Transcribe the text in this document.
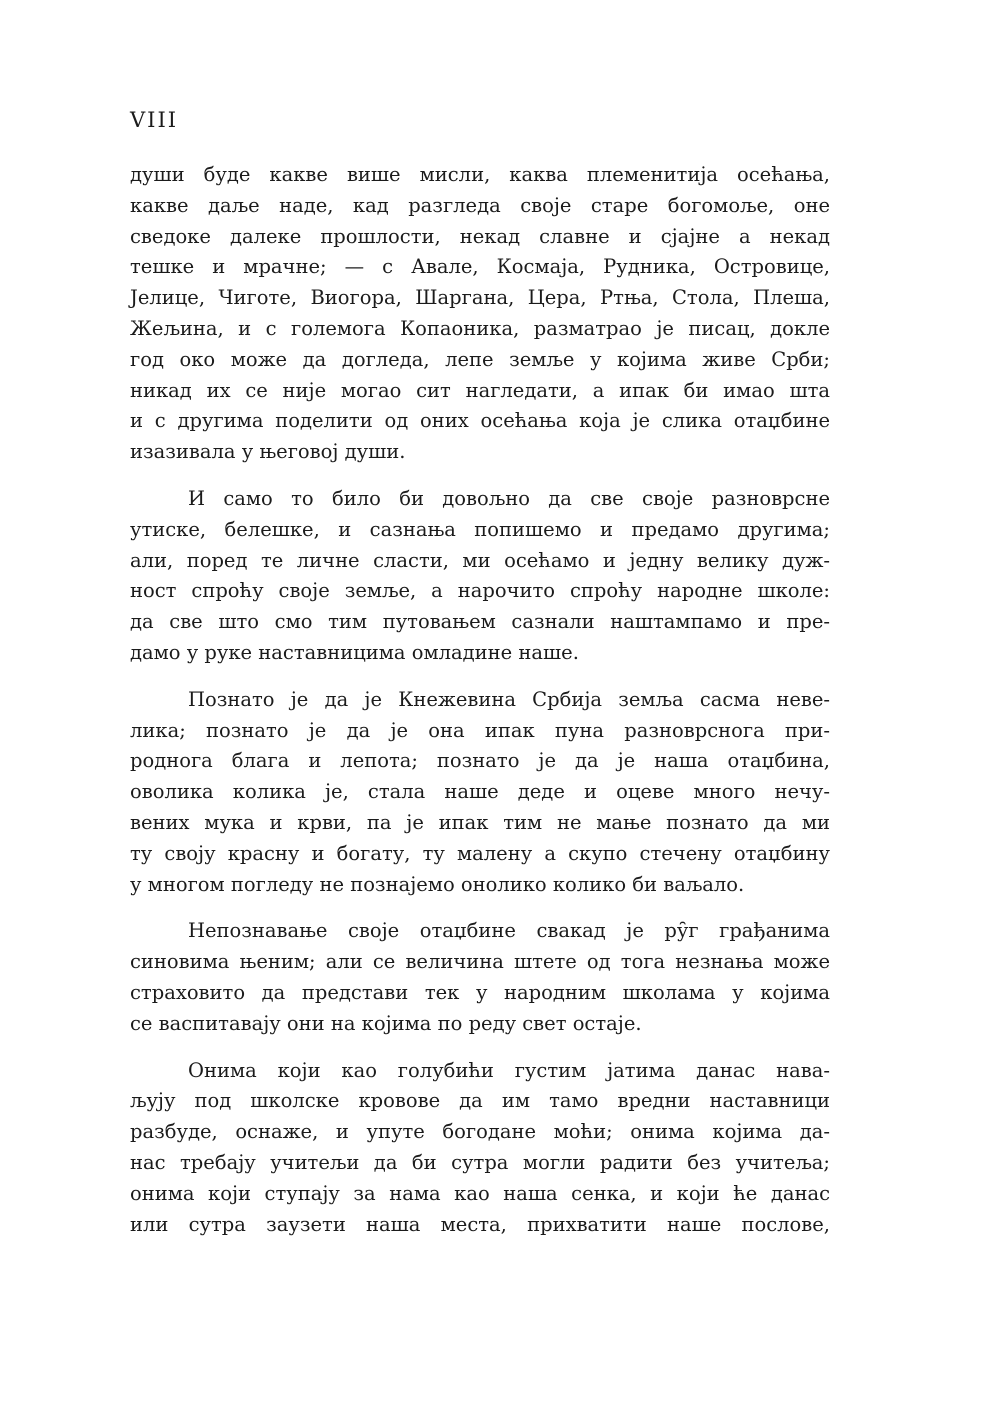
VIII
души буде какве више мисли, каква племенитија осећања,
какве даље наде, кад разгледа своје старе богомоље, оне
сведоке далеке прошлости, некад славне и сјајне а некад
тешке и мрачне; — с Авале, Космаја, Рудника, Островице,
Јелице, Чиготе, Виогора, Шаргана, Цера, Ртња, Стола, Плеша,
Жељина, и с големога Копаоника, разматрао је писац, докле
год око може да догледа, лепе земље у којима живе Срби;
никад их се није могао сит нагледати, а ипак би имао шта
и с другима поделити од оних осећања која је слика отаџбине
изазивала у његовој души.
И само то било би довољно да све своје разноврсне
утиске, белешке, и сазнања попишемо и предамо другима;
али, поред те личне сласти, ми осећамо и једну велику дуж-
ност спроћу своје земље, а нарочито спроћу народне школе:
да све што смо тим путовањем сазнали наштампамо и пре-
дамо у руке наставницима омладине наше.
Познато је да је Кнежевина Србија земља сасма неве-
лика; познато је да је она ипак пуна разноврснога при-
роднога блага и лепота; познато је да је наша отаџбина,
оволика колика је, стала наше деде и оцеве много нечу-
вених мука и крви, па је ипак тим не мање познато да ми
ту своју красну и богату, ту малену а скупо стечену отаџбину
у многом погледу не познајемо онолико колико би ваљало.
Непознавање своје отаџбине свакад је ру̑г грађанима
синовима њеним; али се величина штете од тога незнања може
страховито да представи тек у народним школама у којима
се васпитавају они на којима по реду свет остаје.
Онима који као голубићи густим јатима данас нава-
љују под школске кровове да им тамо вредни наставници
разбуде, оснаже, и упуте богодане моћи; онима којима да-
нас требају учитељи да би сутра могли радити без учитеља;
онима који ступају за нама као наша сенка, и који ће данас
или сутра заузети наша места, прихватити наше послове,
